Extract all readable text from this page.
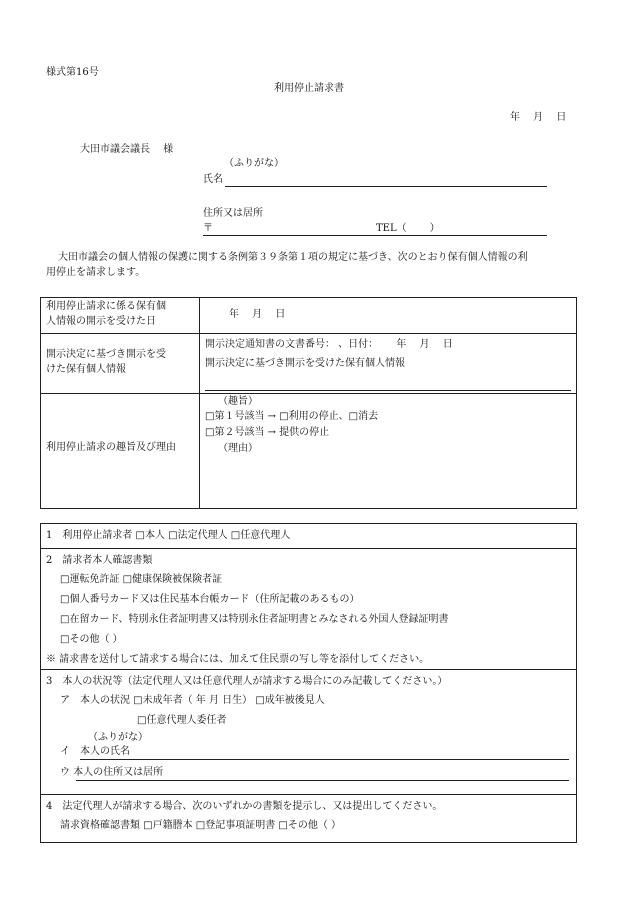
様式第16号
利用停止請求書
年　 月　 日
大田市議会議長　 様
（ふりがな）
氏名
住所又は居所
〒	TEL（　　 ）
大田市議会の個人情報の保護に関する条例第３９条第１項の規定に基づき、次のとおり保有個人情報の利
用停止を請求します。
利用停止請求に係る保有個
人情報の開示を受けた日
年　 月　 日
開示決定に基づき開示を受
けた保有個人情報
開示決定通知書の文書番号： 、日付：　　 年　 月　 日
開示決定に基づき開示を受けた保有個人情報
利用停止請求の趣旨及び理由
（趣旨）
□第１号該当 → □利用の停止、□消去
□第２号該当 → 提供の停止
（理由）
1　利用停止請求者 □本人 □法定代理人 □任意代理人
2　請求者本人確認書類
□運転免許証 □健康保険被保険者証
□個人番号カード又は住民基本台帳カード（住所記載のあるもの）
□在留カード、特別永住者証明書又は特別永住者証明書とみなされる外国人登録証明書
□その他（ ）
※ 請求書を送付して請求する場合には、加えて住民票の写し等を添付してください。
3　本人の状況等（法定代理人又は任意代理人が請求する場合にのみ記載してください。）
ア　本人の状況 □未成年者（ 年 月 日生） □成年被後見人
□任意代理人委任者
（ふりがな）
イ　本人の氏名
ウ 本人の住所又は居所
4　法定代理人が請求する場合、次のいずれかの書類を提示し、又は提出してください。
請求資格確認書類 □戸籍謄本 □登記事項証明書 □その他（ ）
